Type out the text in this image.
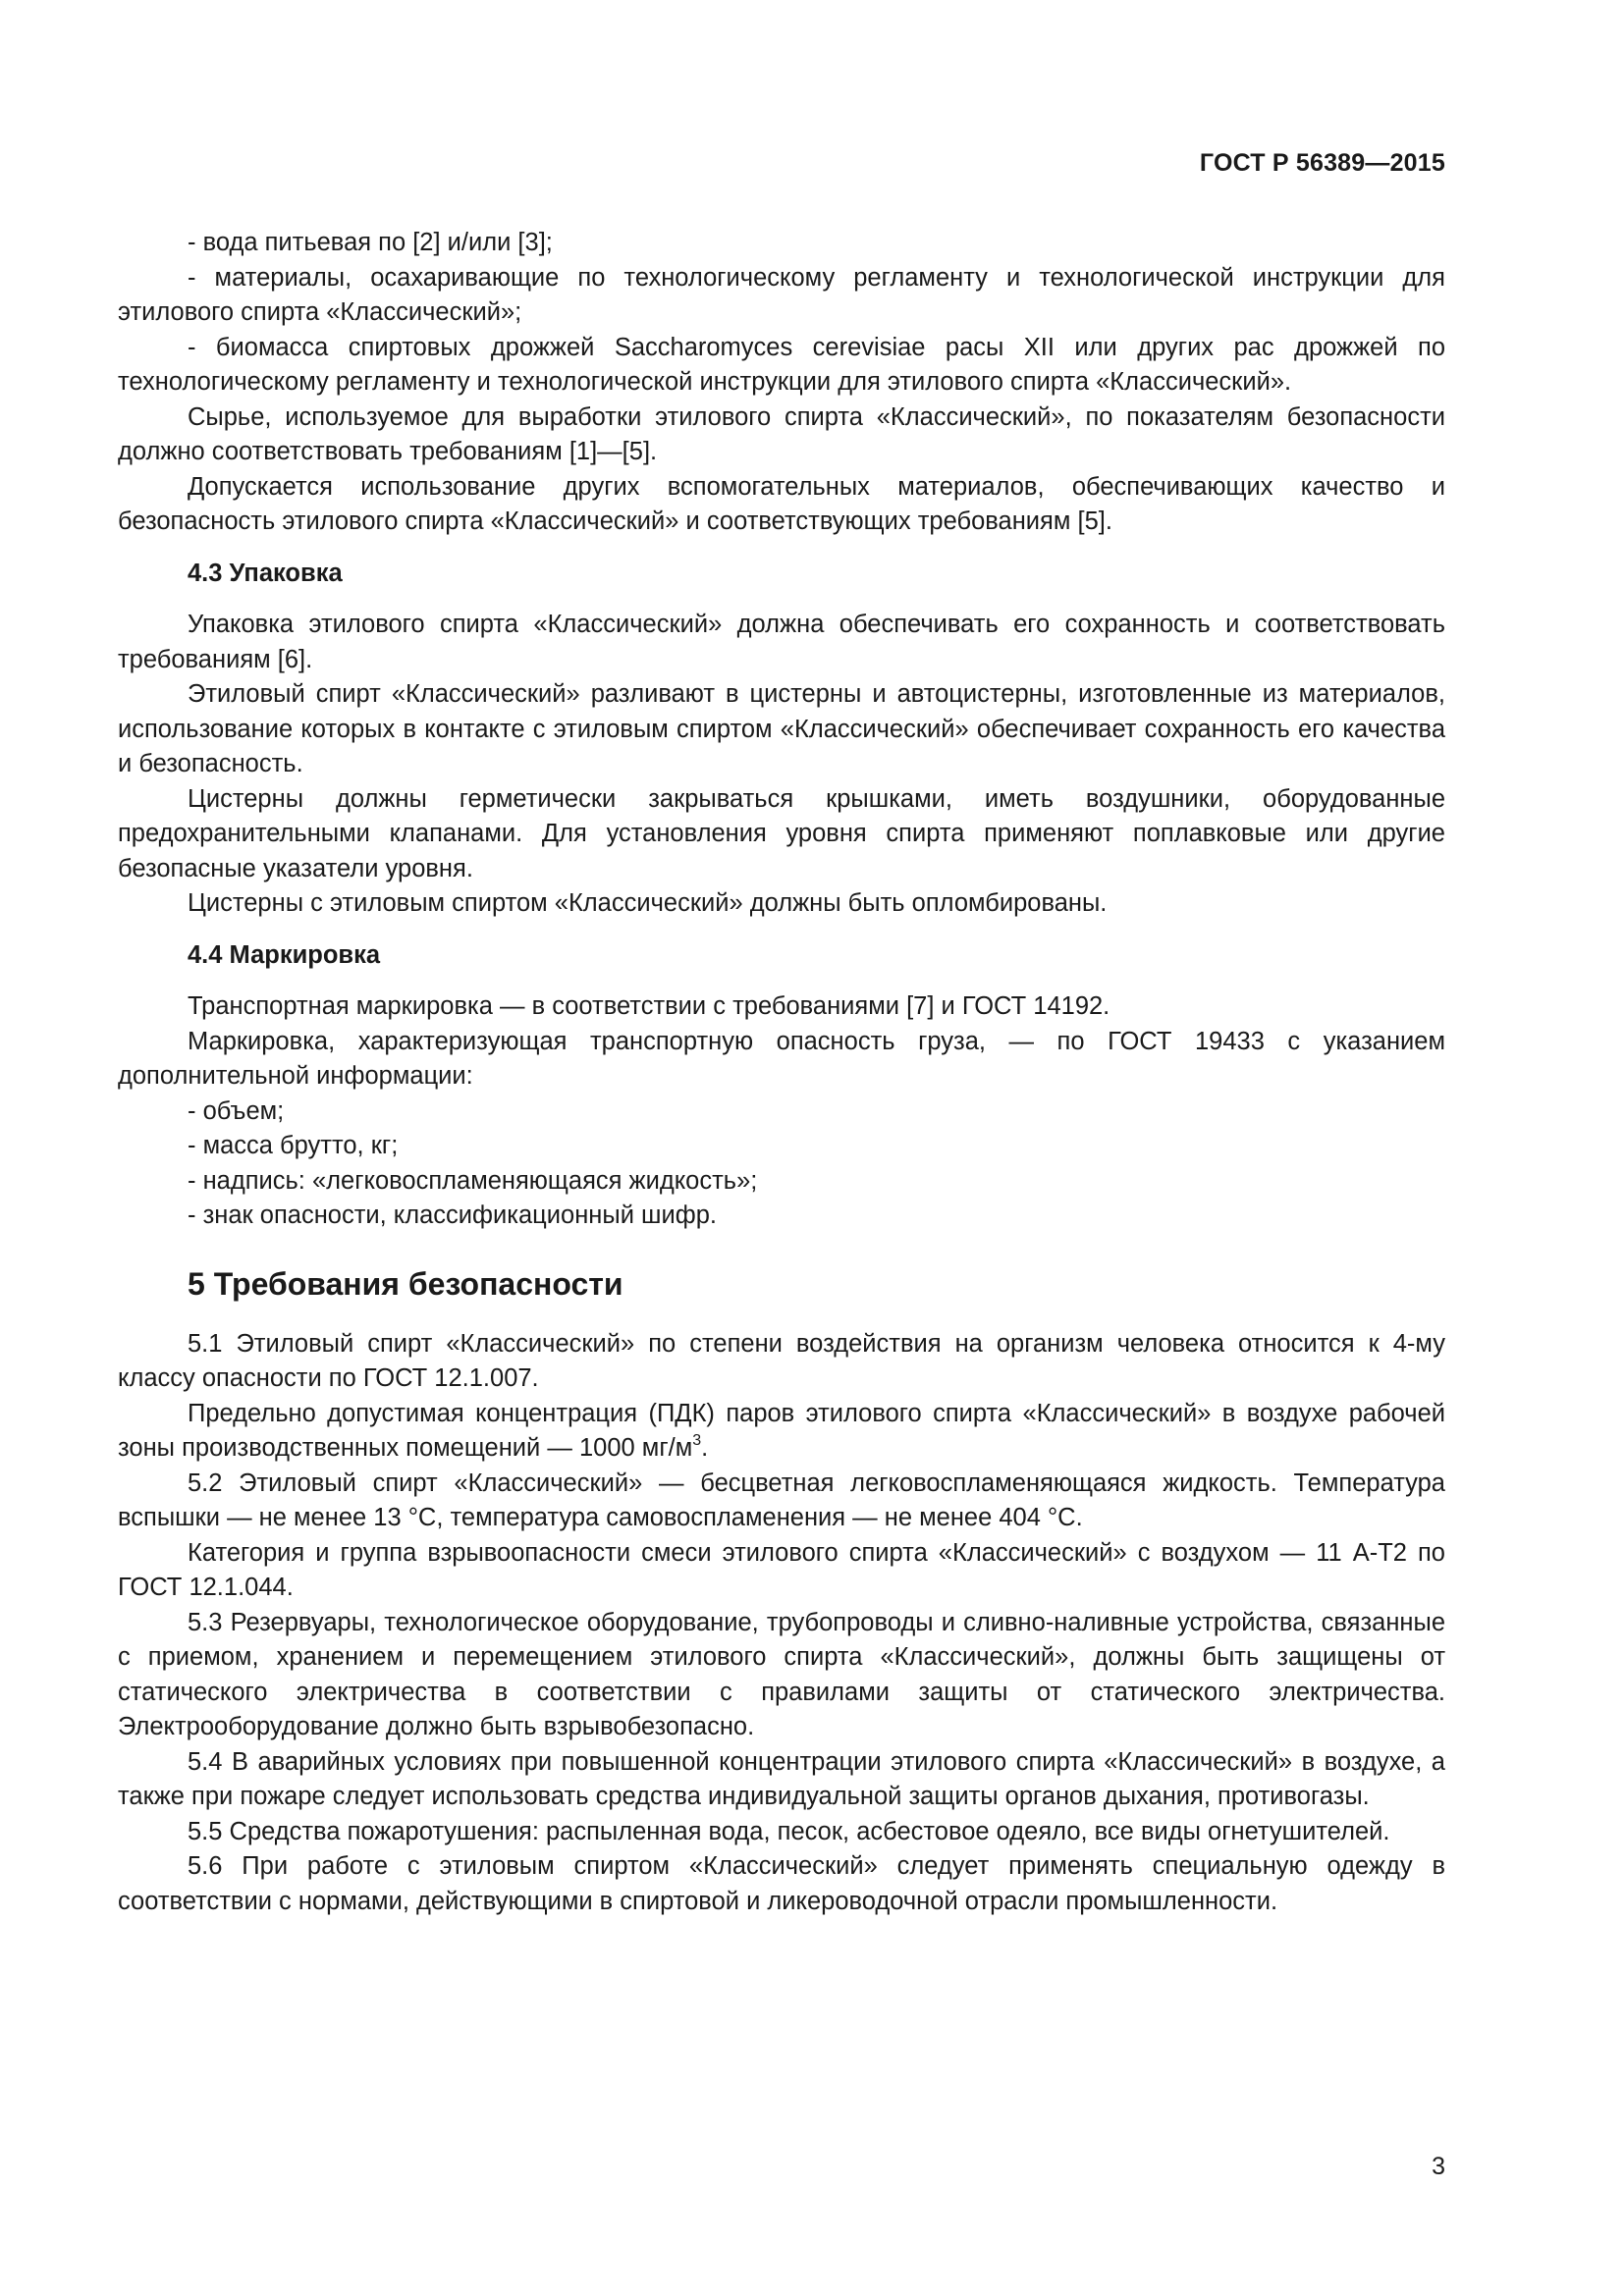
ГОСТ Р 56389—2015

- вода питьевая по [2] и/или [3];

- материалы, осахаривающие по технологическому регламенту и технологической инструкции для этилового спирта «Классический»;

- биомасса спиртовых дрожжей Saccharomyces cerevisiae расы XII или других рас дрожжей по технологическому регламенту и технологической инструкции для этилового спирта «Классический».

Сырье, используемое для выработки этилового спирта «Классический», по показателям безопасности должно соответствовать требованиям [1]—[5].

Допускается использование других вспомогательных материалов, обеспечивающих качество и безопасность этилового спирта «Классический» и соответствующих требованиям [5].

4.3 Упаковка

Упаковка этилового спирта «Классический» должна обеспечивать его сохранность и соответствовать требованиям [6].

Этиловый спирт «Классический» разливают в цистерны и автоцистерны, изготовленные из материалов, использование которых в контакте с этиловым спиртом «Классический» обеспечивает сохранность его качества и безопасность.

Цистерны должны герметически закрываться крышками, иметь воздушники, оборудованные предохранительными клапанами. Для установления уровня спирта применяют поплавковые или другие безопасные указатели уровня.

Цистерны с этиловым спиртом «Классический» должны быть опломбированы.

4.4 Маркировка

Транспортная маркировка — в соответствии с требованиями [7] и ГОСТ 14192.

Маркировка, характеризующая транспортную опасность груза, — по ГОСТ 19433 с указанием дополнительной информации:

- объем;

- масса брутто, кг;

- надпись: «легковоспламеняющаяся жидкость»;

- знак опасности, классификационный шифр.

5 Требования безопасности

5.1 Этиловый спирт «Классический» по степени воздействия на организм человека относится к 4-му классу опасности по ГОСТ 12.1.007.

Предельно допустимая концентрация (ПДК) паров этилового спирта «Классический» в воздухе рабочей зоны производственных помещений — 1000 $мг/м^3$.

5.2 Этиловый спирт «Классический» — бесцветная легковоспламеняющаяся жидкость. Температура вспышки — не менее 13 °С, температура самовоспламенения — не менее 404 °С.

Категория и группа взрывоопасности смеси этилового спирта «Классический» с воздухом — 11 А-Т2 по ГОСТ 12.1.044.

5.3 Резервуары, технологическое оборудование, трубопроводы и сливно-наливные устройства, связанные с приемом, хранением и перемещением этилового спирта «Классический», должны быть защищены от статического электричества в соответствии с правилами защиты от статического электричества. Электрооборудование должно быть взрывобезопасно.

5.4 В аварийных условиях при повышенной концентрации этилового спирта «Классический» в воздухе, а также при пожаре следует использовать средства индивидуальной защиты органов дыхания, противогазы.

5.5 Средства пожаротушения: распыленная вода, песок, асбестовое одеяло, все виды огнетушителей.

5.6 При работе с этиловым спиртом «Классический» следует применять специальную одежду в соответствии с нормами, действующими в спиртовой и ликероводочной отрасли промышленности.

3
